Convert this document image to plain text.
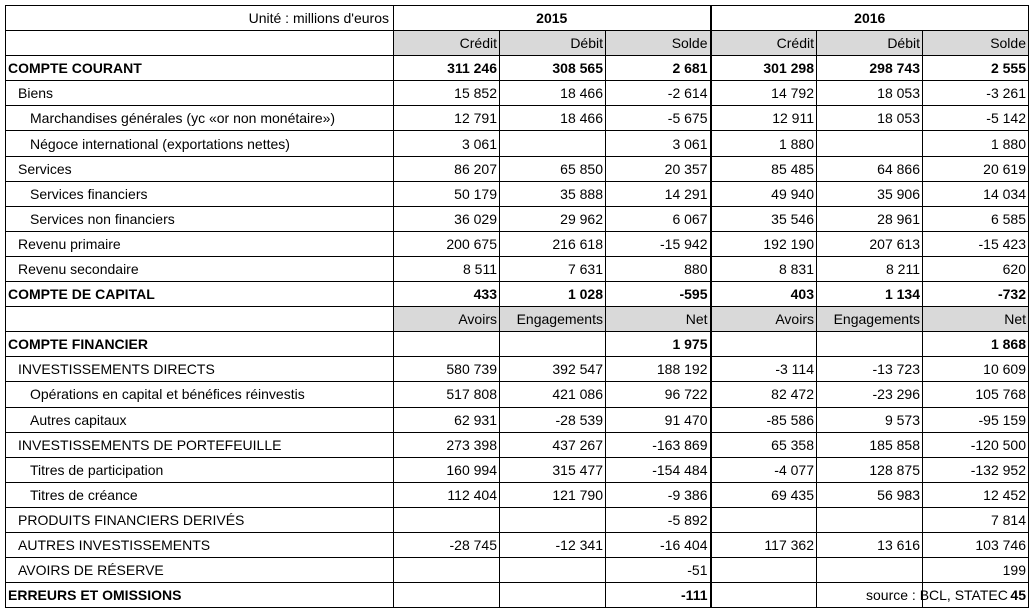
Unité : millions d'euros	2015			2016		
	Crédit	Débit	Solde	Crédit	Débit	Solde
COMPTE COURANT	311 246	308 565	2 681	301 298	298 743	2 555
Biens	15 852	18 466	-2 614	14 792	18 053	-3 261
Marchandises générales (yc «or non monétaire»)	12 791	18 466	-5 675	12 911	18 053	-5 142
Négoce international (exportations nettes)	3 061		3 061	1 880		1 880
Services	86 207	65 850	20 357	85 485	64 866	20 619
Services financiers	50 179	35 888	14 291	49 940	35 906	14 034
Services non financiers	36 029	29 962	6 067	35 546	28 961	6 585
Revenu primaire	200 675	216 618	-15 942	192 190	207 613	-15 423
Revenu secondaire	8 511	7 631	880	8 831	8 211	620
COMPTE DE CAPITAL	433	1 028	-595	403	1 134	-732
	Avoirs	Engagements	Net	Avoirs	Engagements	Net
COMPTE FINANCIER			1 975			1 868
INVESTISSEMENTS DIRECTS	580 739	392 547	188 192	-3 114	-13 723	10 609
Opérations en capital et bénéfices réinvestis	517 808	421 086	96 722	82 472	-23 296	105 768
Autres capitaux	62 931	-28 539	91 470	-85 586	9 573	-95 159
INVESTISSEMENTS DE PORTEFEUILLE	273 398	437 267	-163 869	65 358	185 858	-120 500
Titres de participation	160 994	315 477	-154 484	-4 077	128 875	-132 952
Titres de créance	112 404	121 790	-9 386	69 435	56 983	12 452
PRODUITS FINANCIERS DERIVÉS			-5 892			7 814
AUTRES INVESTISSEMENTS	-28 745	-12 341	-16 404	117 362	13 616	103 746
AVOIRS DE RÉSERVE			-51			199
ERREURS ET OMISSIONS			-111			45
source : BCL, STATEC
